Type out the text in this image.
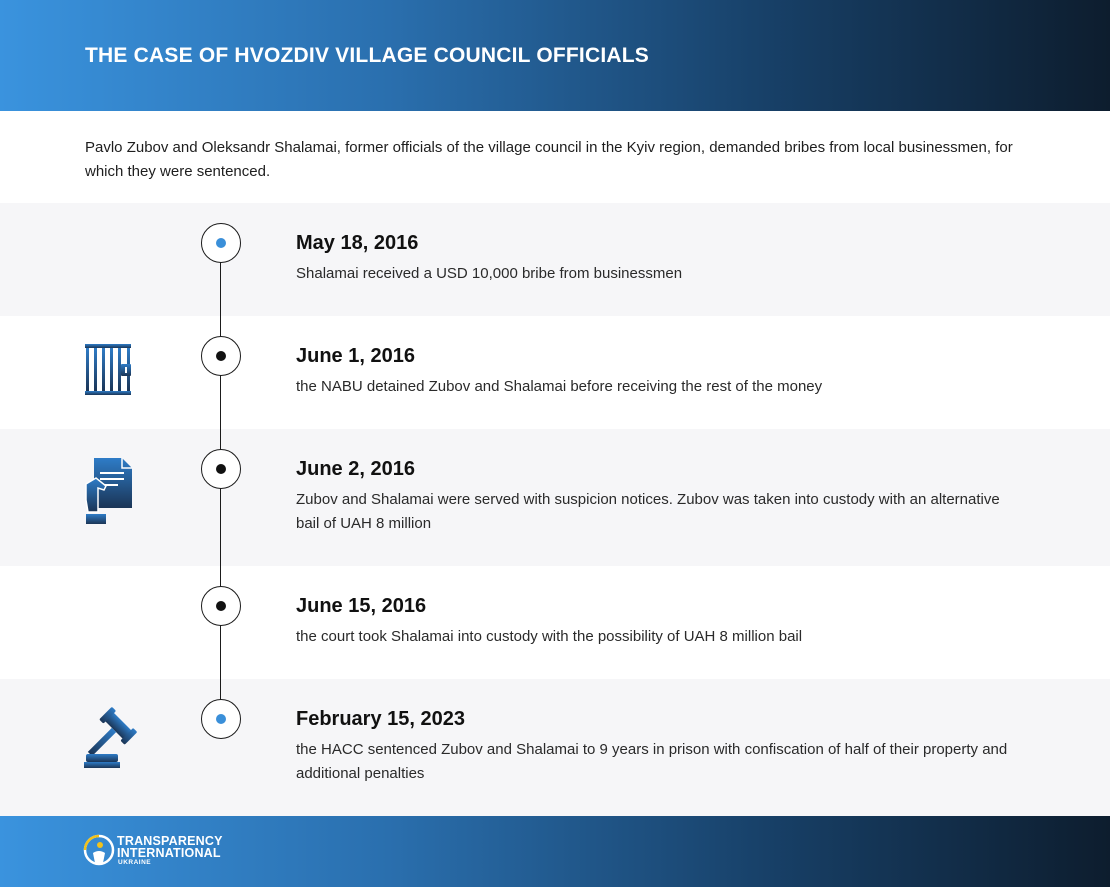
THE CASE OF HVOZDIV VILLAGE COUNCIL OFFICIALS
Pavlo Zubov and Oleksandr Shalamai, former officials of the village council in the Kyiv region, demanded bribes from local businessmen, for which they were sentenced.
May 18, 2016
Shalamai received a USD 10,000 bribe from businessmen
June 1, 2016
the NABU detained Zubov and Shalamai before receiving the rest of the money
June 2, 2016
Zubov and Shalamai were served with suspicion notices. Zubov was taken into custody with an alternative bail of UAH 8 million
June 15, 2016
the court took Shalamai into custody with the possibility of UAH 8 million bail
February 15, 2023
the HACC sentenced Zubov and Shalamai to 9 years in prison with confiscation of half of their property and additional penalties
TRANSPARENCY
INTERNATIONAL
UKRAINE
